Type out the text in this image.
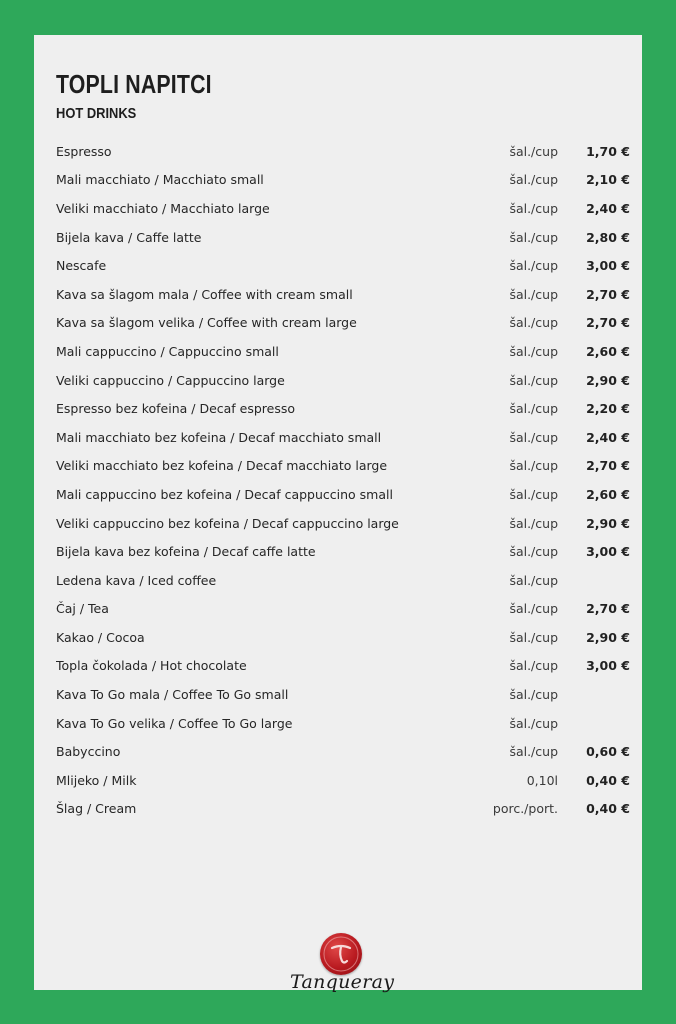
TOPLI NAPITCI
HOT DRINKS
Espresso	šal./cup	1,70 €
Mali macchiato / Macchiato small	šal./cup	2,10 €
Veliki macchiato / Macchiato large	šal./cup	2,40 €
Bijela kava / Caffe latte	šal./cup	2,80 €
Nescafe	šal./cup	3,00 €
Kava sa šlagom mala / Coffee with cream small	šal./cup	2,70 €
Kava sa šlagom velika / Coffee with cream large	šal./cup	2,70 €
Mali cappuccino / Cappuccino small	šal./cup	2,60 €
Veliki cappuccino / Cappuccino large	šal./cup	2,90 €
Espresso bez kofeina / Decaf espresso	šal./cup	2,20 €
Mali macchiato bez kofeina / Decaf macchiato small	šal./cup	2,40 €
Veliki macchiato bez kofeina / Decaf macchiato large	šal./cup	2,70 €
Mali cappuccino bez kofeina / Decaf cappuccino small	šal./cup	2,60 €
Veliki cappuccino bez kofeina / Decaf cappuccino large	šal./cup	2,90 €
Bijela kava bez kofeina / Decaf caffe latte	šal./cup	3,00 €
Ledena kava / Iced coffee	šal./cup
Čaj / Tea	šal./cup	2,70 €
Kakao / Cocoa	šal./cup	2,90 €
Topla čokolada / Hot chocolate	šal./cup	3,00 €
Kava To Go mala / Coffee To Go small	šal./cup
Kava To Go velika / Coffee To Go large	šal./cup
Babyccino	šal./cup	0,60 €
Mlijeko / Milk	0,10l	0,40 €
Šlag / Cream	porc./port.	0,40 €
Tanqueray
